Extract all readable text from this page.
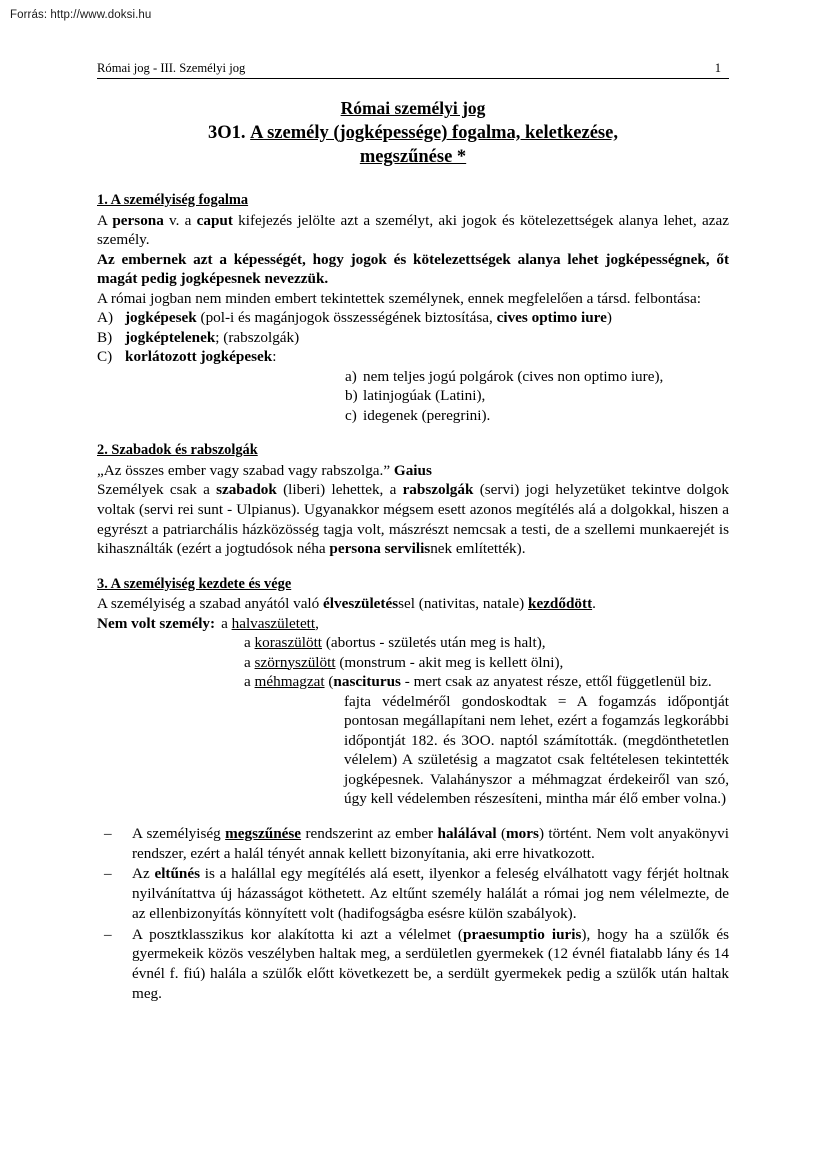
Forrás: http://www.doksi.hu
Római jog - III. Személyi jog	1
Római személyi jog
3O1. A személy (jogképessége) fogalma, keletkezése,
megszűnése *
1. A személyiség fogalma

A persona v. a caput kifejezés jelölte azt a személyt, aki jogok és kötelezettségek alanya lehet, azaz személy.

Az embernek azt a képességét, hogy jogok és kötelezettségek alanya lehet jogképességnek, őt magát pedig jogképesnek nevezzük.

A római jogban nem minden embert tekintettek személynek, ennek megfelelően a társd. felbontása:

A) jogképesek (pol-i és magánjogok összességének biztosítása, cives optimo iure)
B) jogképtelenek; (rabszolgák)
C) korlátozott jogképesek:
a) nem teljes jogú polgárok (cives non optimo iure),
b) latinjogúak (Latini),
c) idegenek (peregrini).
2. Szabadok és rabszolgák

„Az összes ember vagy szabad vagy rabszolga.” Gaius

Személyek csak a szabadok (liberi) lehettek, a rabszolgák (servi) jogi helyzetüket tekintve dolgok voltak (servi rei sunt - Ulpianus). Ugyanakkor mégsem esett azonos megítélés alá a dolgokkal, hiszen a egyrészt a patriarchális házközösség tagja volt, mászrészt nemcsak a testi, de a szellemi munkaerejét is kihasználták (ezért a jogtudósok néha persona servilisnek említették).

3. A személyiség kezdete és vége

A személyiség a szabad anyától való élveszületéssel (nativitas, natale) kezdődött.

Nem volt személy: a halvaszületett,
a koraszülött (abortus - születés után meg is halt),
a szörnyszülött (monstrum - akit meg is kellett ölni),
a méhmagzat (nasciturus - mert csak az anyatest része, ettől függetlenül biz.
fajta védelméről gondoskodtak = A fogamzás időpontját pontosan megállapítani nem lehet, ezért a fogamzás legkorábbi időpontját 182. és 3OO. naptól számították. (megdönthetetlen vélelem) A születésig a magzatot csak feltételesen tekintették jogképesnek. Valahányszor a méhmagzat érdekeiről van szó, úgy kell védelemben részesíteni, mintha már élő ember volna.)
–	A személyiség megszűnése rendszerint az ember halálával (mors) történt. Nem volt anyakönyvi rendszer, ezért a halál tényét annak kellett bizonyítania, aki erre hivatkozott.
–	Az eltűnés is a halállal egy megítélés alá esett, ilyenkor a feleség elválhatott vagy férjét holtnak nyilvánítattva új házasságot köthetett. Az eltűnt személy halálát a római jog nem vélelmezte, de az ellenbizonyítás könnyített volt (hadifogságba esésre külön szabályok).
–	A posztklasszikus kor alakította ki azt a vélelmet (praesumptio iuris), hogy ha a szülők és gyermekeik közös veszélyben haltak meg, a serdületlen gyermekek (12 évnél fiatalabb lány és 14 évnél f. fiú) halála a szülők előtt következett be, a serdült gyermekek pedig a szülők után haltak meg.
